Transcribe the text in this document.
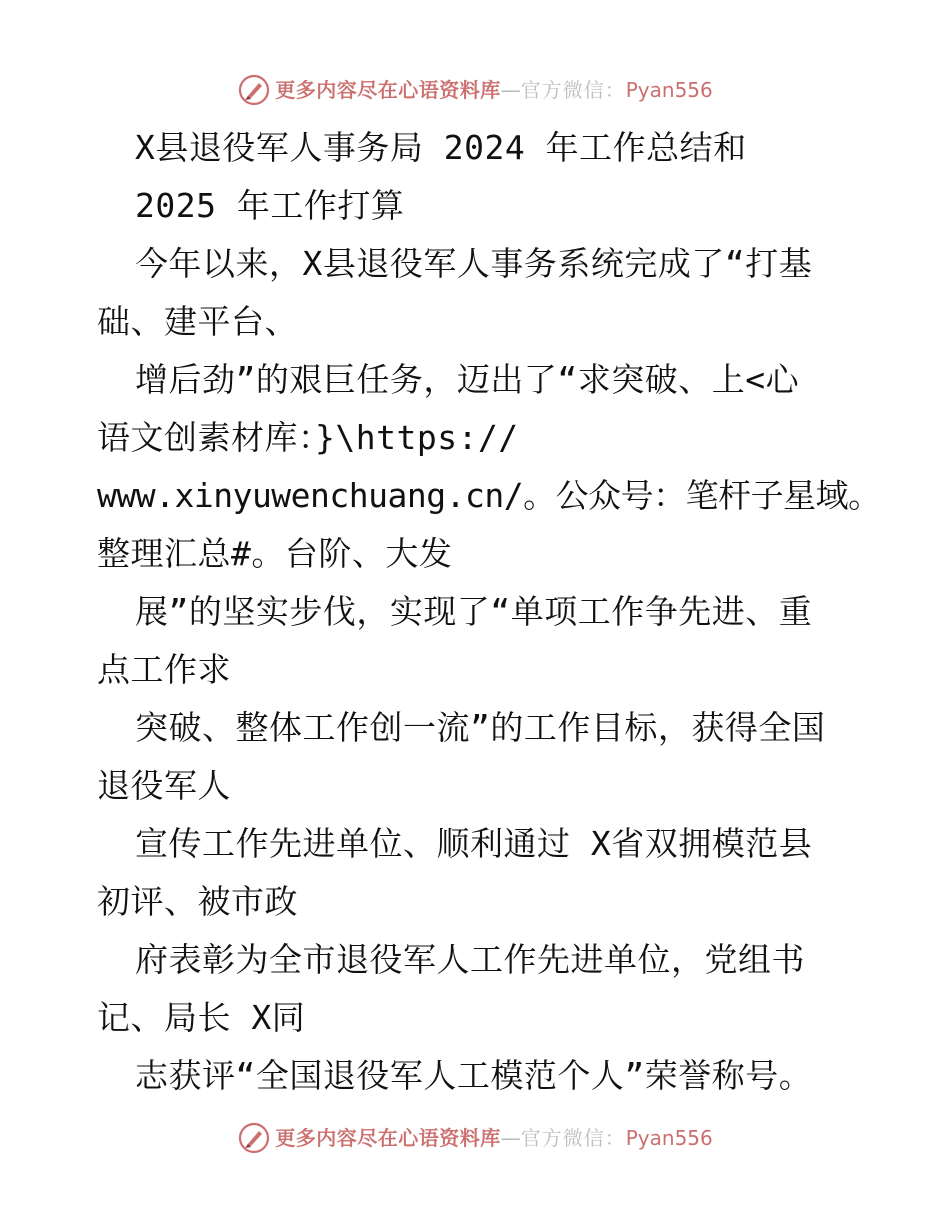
更多内容尽在心语资料库 — 官方微信： Pyan556
X县退役军人事务局 2024 年工作总结和
2025 年工作打算
今年以来，X县退役军人事务系统完成了“打基
础、建平台、
增后劲”的艰巨任务，迈出了“求突破、上<心
语文创素材库：}\https://
www.xinyuwenchuang.cn/。公众号：笔杆子星域。
整理汇总#。台阶、大发
展”的坚实步伐，实现了“单项工作争先进、重
点工作求
突破、整体工作创一流”的工作目标，获得全国
退役军人
宣传工作先进单位、顺利通过 X省双拥模范县
初评、被市政
府表彰为全市退役军人工作先进单位，党组书
记、局长 X同
志获评“全国退役军人工模范个人”荣誉称号。
更多内容尽在心语资料库 — 官方微信： Pyan556
